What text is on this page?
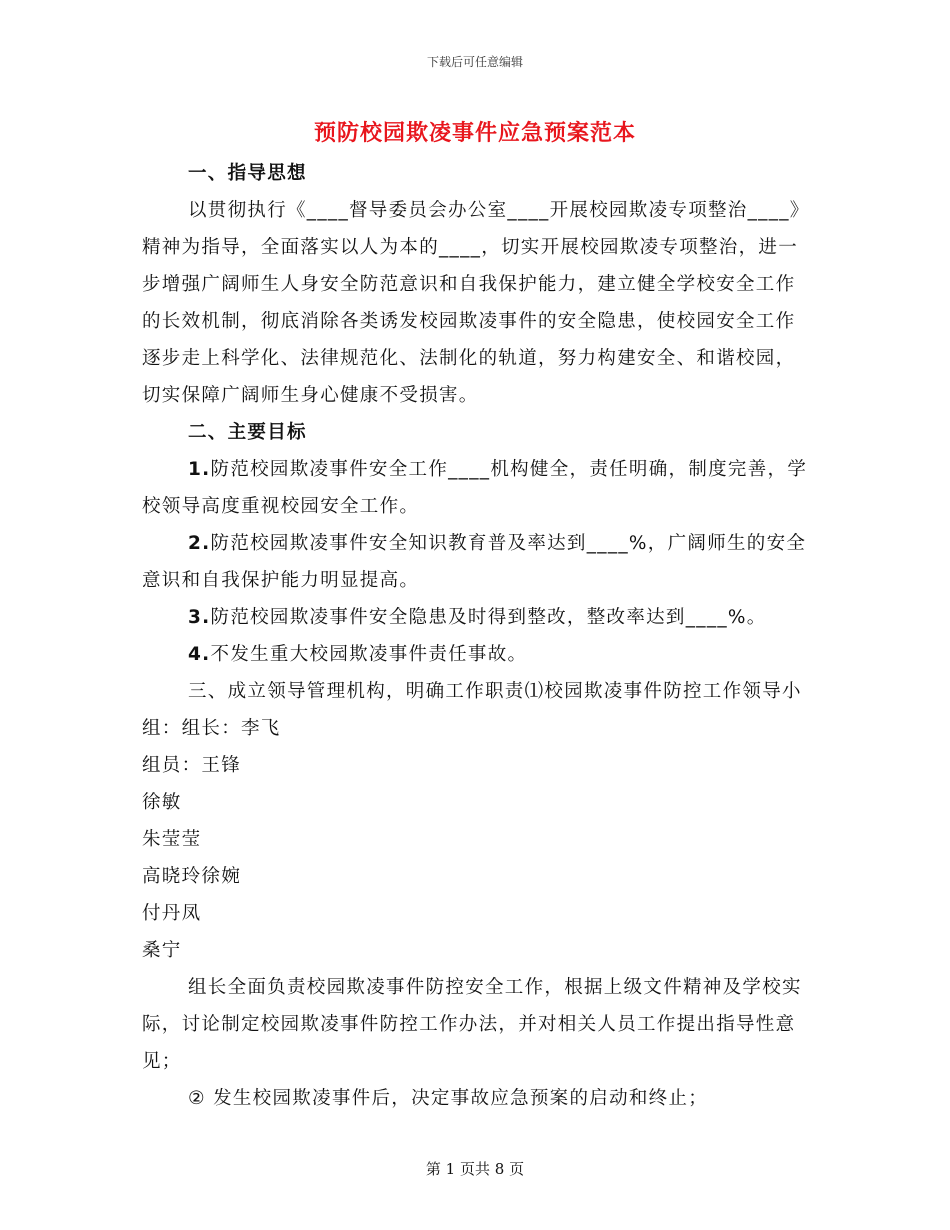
下载后可任意编辑
预防校园欺凌事件应急预案范本

一、指导思想

以贯彻执行《____督导委员会办公室____开展校园欺凌专项整治____》精神为指导，全面落实以人为本的____，切实开展校园欺凌专项整治，进一步增强广阔师生人身安全防范意识和自我保护能力，建立健全学校安全工作的长效机制，彻底消除各类诱发校园欺凌事件的安全隐患，使校园安全工作逐步走上科学化、法律规范化、法制化的轨道，努力构建安全、和谐校园，切实保障广阔师生身心健康不受损害。

二、主要目标

1.防范校园欺凌事件安全工作____机构健全，责任明确，制度完善，学校领导高度重视校园安全工作。

2.防范校园欺凌事件安全知识教育普及率达到____%，广阔师生的安全意识和自我保护能力明显提高。

3.防范校园欺凌事件安全隐患及时得到整改，整改率达到____%。

4.不发生重大校园欺凌事件责任事故。

三、成立领导管理机构，明确工作职责⑴校园欺凌事件防控工作领导小组：组长：李飞

组员：王锋

徐敏

朱莹莹

高晓玲徐婉

付丹凤

桑宁

组长全面负责校园欺凌事件防控安全工作，根据上级文件精神及学校实际，讨论制定校园欺凌事件防控工作办法，并对相关人员工作提出指导性意见；

② 发生校园欺凌事件后，决定事故应急预案的启动和终止；

第 1 页共 8 页
